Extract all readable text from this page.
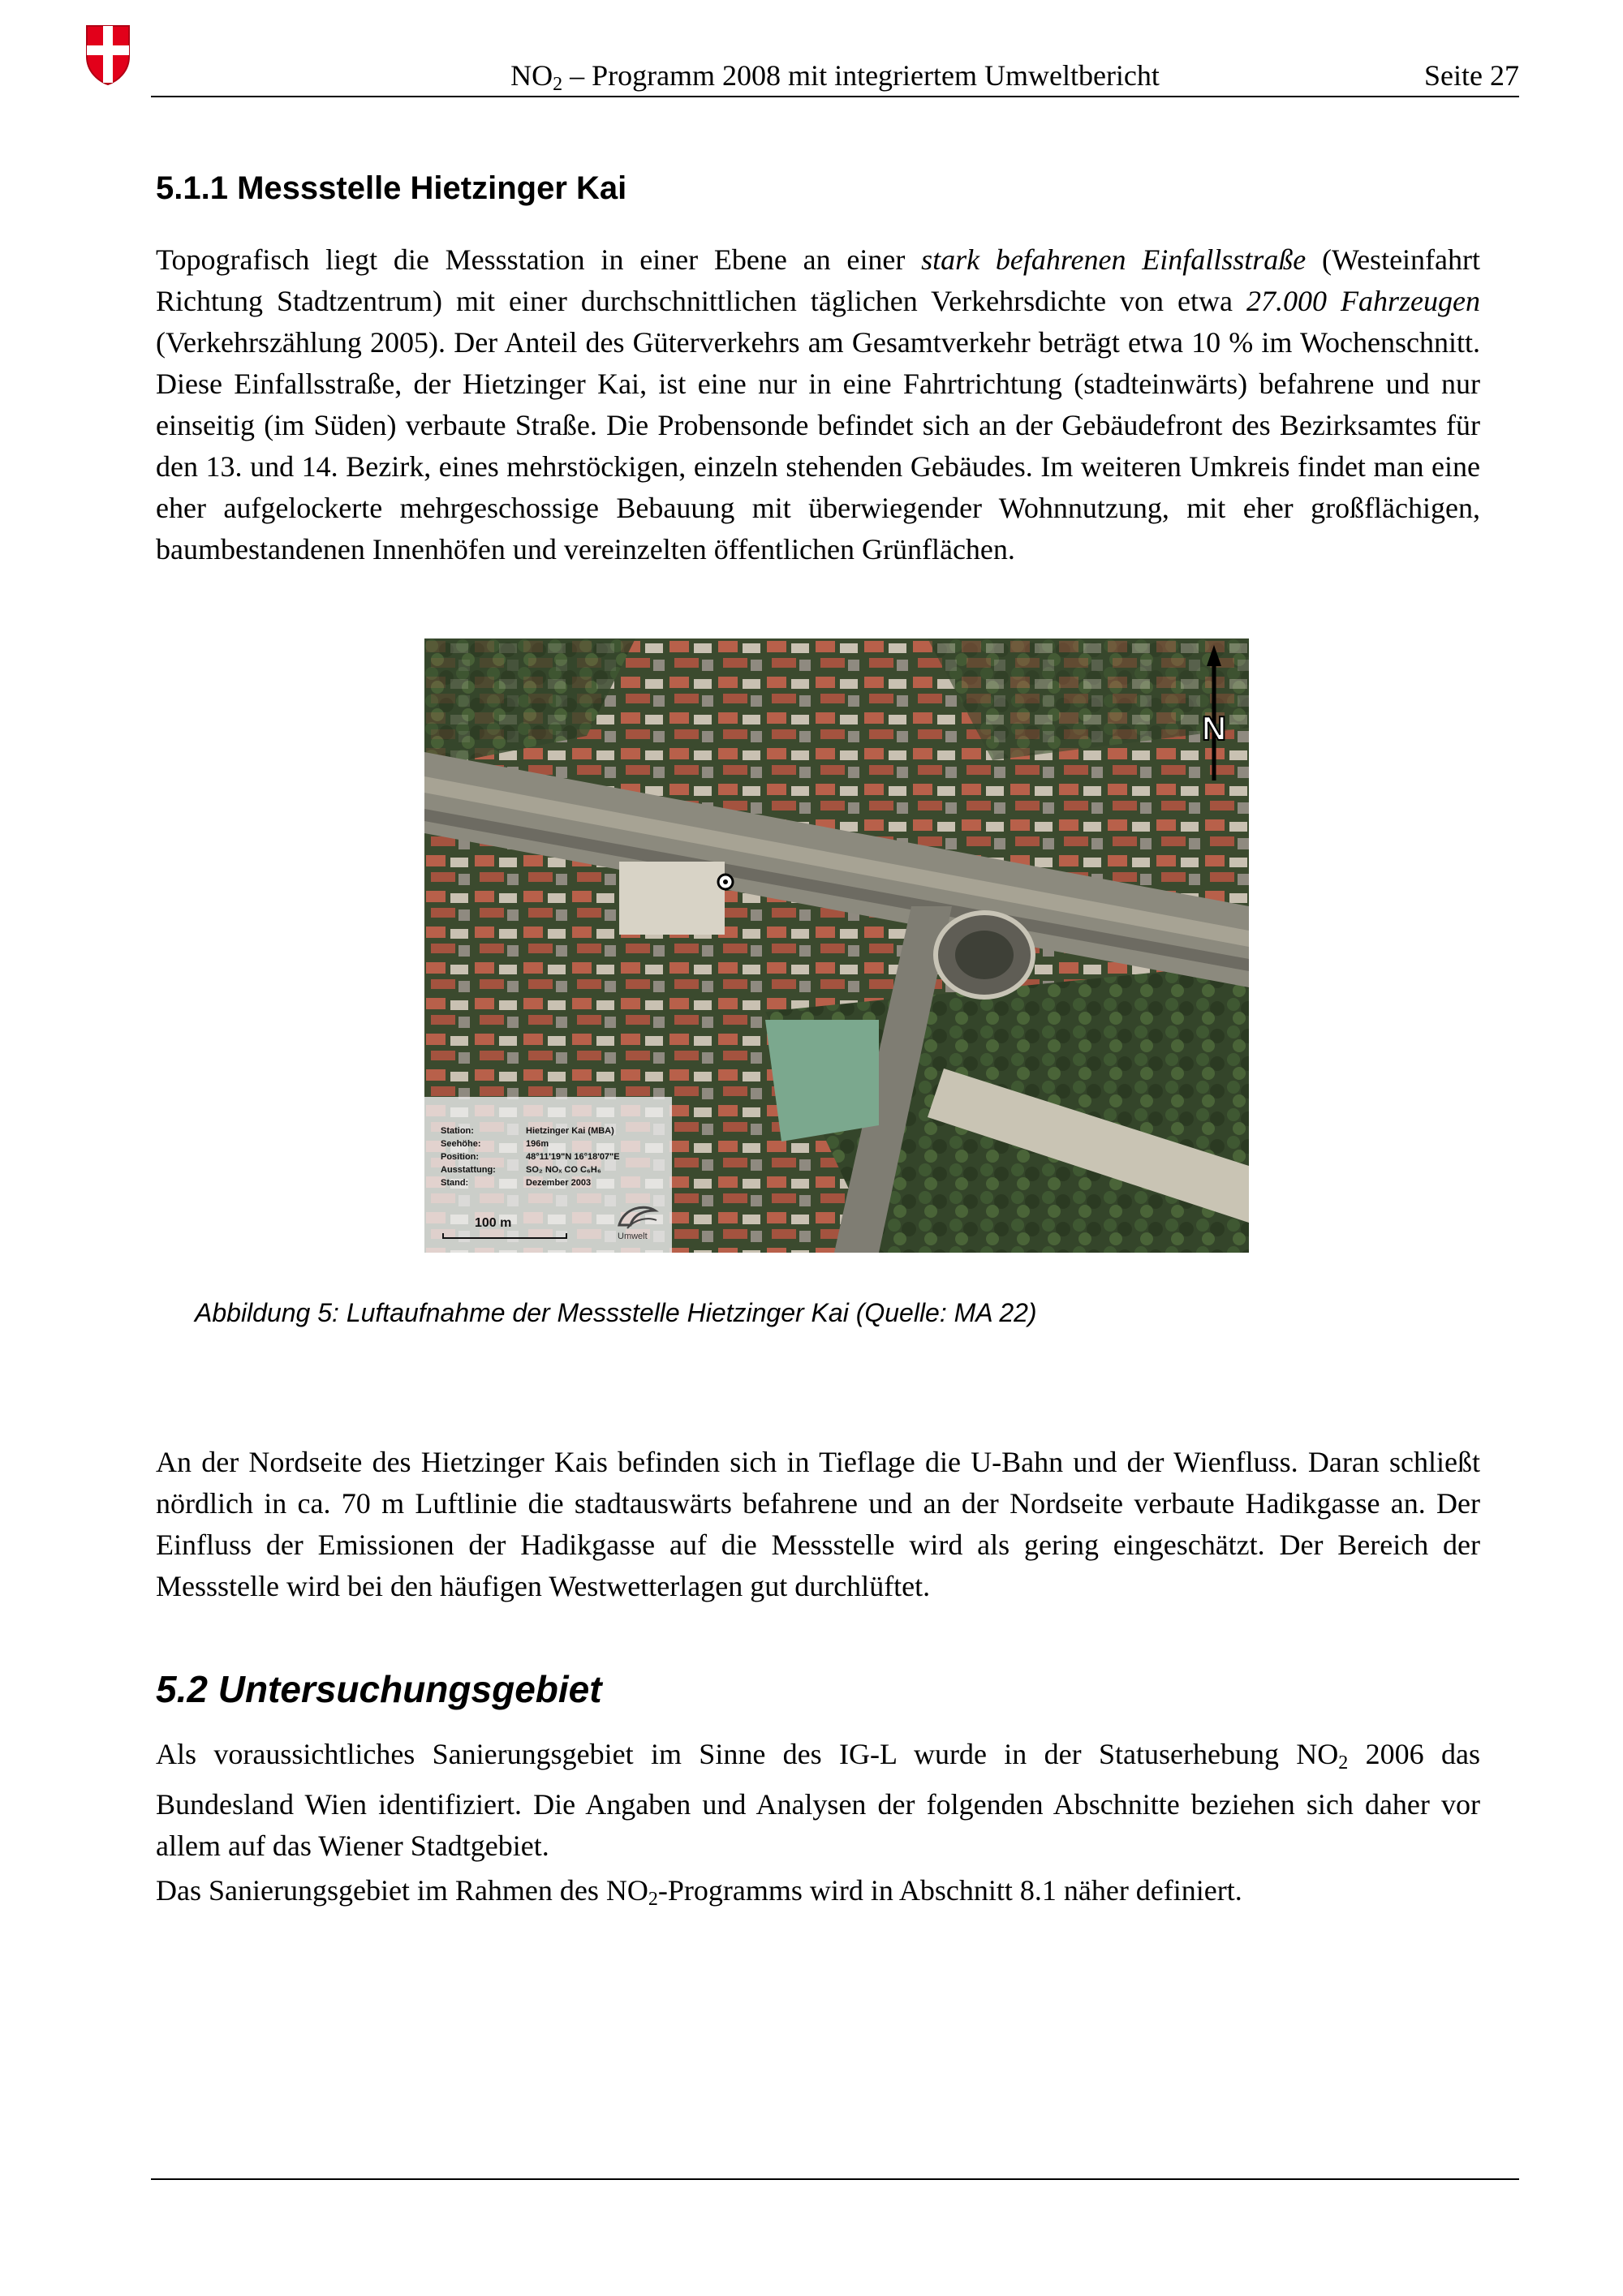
$NO_2$ – Programm 2008 mit integriertem Umweltbericht	Seite 27
5.1.1 Messstelle Hietzinger Kai

Topografisch liegt die Messstation in einer Ebene an einer stark befahrenen Einfallsstraße (Westeinfahrt Richtung Stadtzentrum) mit einer durchschnittlichen täglichen Verkehrsdichte von etwa 27.000 Fahrzeugen (Verkehrszählung 2005). Der Anteil des Güterverkehrs am Gesamtverkehr beträgt etwa 10 % im Wochenschnitt. Diese Einfallsstraße, der Hietzinger Kai, ist eine nur in eine Fahrtrichtung (stadteinwärts) befahrene und nur einseitig (im Süden) verbaute Straße. Die Probensonde befindet sich an der Gebäudefront des Bezirksamtes für den 13. und 14. Bezirk, eines mehrstöckigen, einzeln stehenden Gebäudes. Im weiteren Umkreis findet man eine eher aufgelockerte mehrgeschossige Bebauung mit überwiegender Wohnnutzung, mit eher großflächigen, baumbestandenen Innenhöfen und vereinzelten öffentlichen Grünflächen.

N
Station:	Hietzinger Kai (MBA)
Seehöhe:	196m
Position:	48°11'19"N 16°18'07"E
Ausstattung:	SO₂ NOₓ CO C₆H₆
Stand:	Dezember 2003
100 m
Umwelt

Abbildung 5: Luftaufnahme der Messstelle Hietzinger Kai (Quelle: MA 22)

An der Nordseite des Hietzinger Kais befinden sich in Tieflage die U-Bahn und der Wienfluss. Daran schließt nördlich in ca. 70 m Luftlinie die stadtauswärts befahrene und an der Nordseite verbaute Hadikgasse an. Der Einfluss der Emissionen der Hadikgasse auf die Messstelle wird als gering eingeschätzt. Der Bereich der Messstelle wird bei den häufigen Westwetterlagen gut durchlüftet.

5.2 Untersuchungsgebiet

Als voraussichtliches Sanierungsgebiet im Sinne des IG-L wurde in der Statuserhebung $NO_2$ 2006 das Bundesland Wien identifiziert. Die Angaben und Analysen der folgenden Abschnitte beziehen sich daher vor allem auf das Wiener Stadtgebiet.

Das Sanierungsgebiet im Rahmen des $NO_2$-Programms wird in Abschnitt 8.1 näher definiert.
